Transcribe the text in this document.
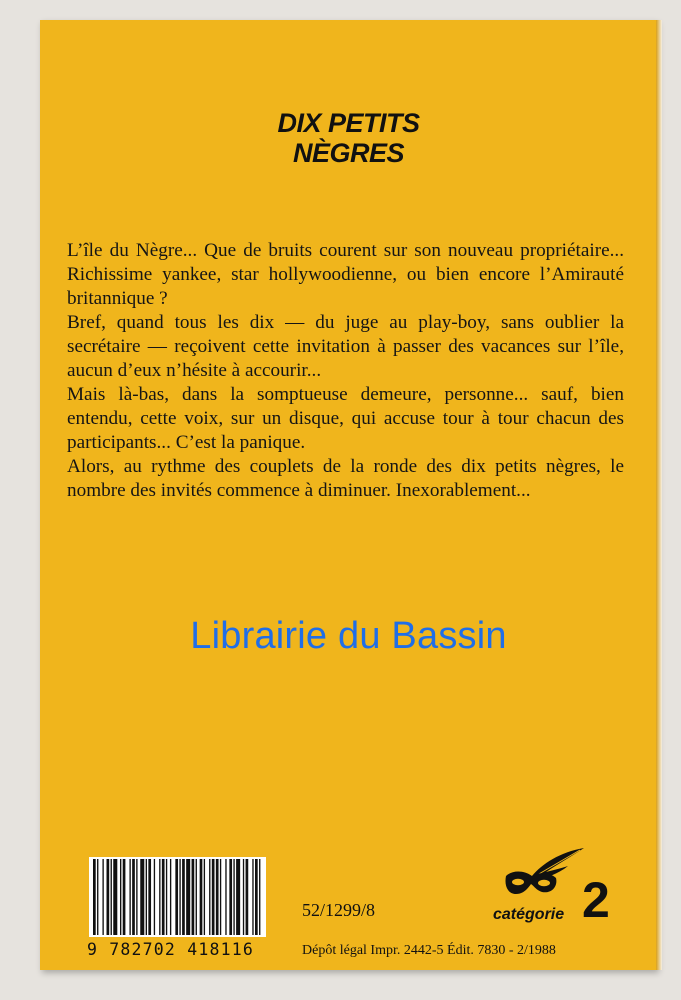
DIX PETITS
NÈGRES

L’île du Nègre... Que de bruits courent sur son nouveau propriétaire... Richissime yankee, star hollywoodienne, ou bien encore l’Amirauté britannique ?

Bref, quand tous les dix — du juge au play-boy, sans oublier la secrétaire — reçoivent cette invitation à passer des vacances sur l’île, aucun d’eux n’hésite à accourir...

Mais là-bas, dans la somptueuse demeure, personne... sauf, bien entendu, cette voix, sur un disque, qui accuse tour à tour chacun des participants... C’est la panique.

Alors, au rythme des couplets de la ronde des dix petits nègres, le nombre des invités commence à diminuer. Inexorablement...

Librairie du Bassin
9 782702 418116
52/1299/8
Dépôt légal Impr. 2442-5 Édit. 7830 - 2/1988
catégorie 2
